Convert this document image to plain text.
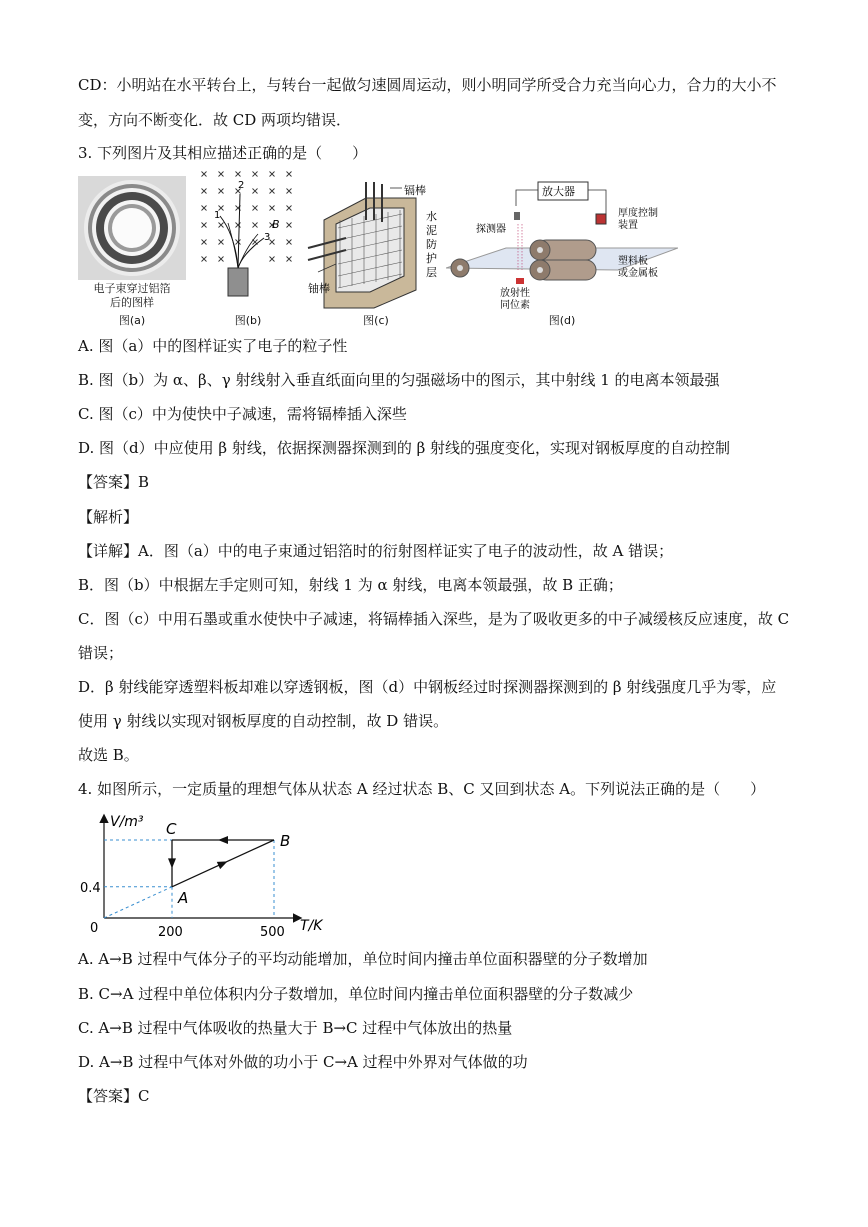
CD：小明站在水平转台上，与转台一起做匀速圆周运动，则小明同学所受合力充当向心力，合力的大小不
变，方向不断变化．故 CD 两项均错误．
3. 下列图片及其相应描述正确的是（　　）
电子束穿过铝箔
后的图样
图(a)
1
2
3
B
图(b)
镉棒
铀棒
水
泥
防
护
层
图(c)
放大器
探测器
厚度控制
装置
放射性
同位素
塑料板
或金属板
图(d)
A. 图（a）中的图样证实了电子的粒子性
B. 图（b）为 α、β、γ 射线射入垂直纸面向里的匀强磁场中的图示，其中射线 1 的电离本领最强
C. 图（c）中为使快中子减速，需将镉棒插入深些
D. 图（d）中应使用 β 射线，依据探测器探测到的 β 射线的强度变化，实现对钢板厚度的自动控制
【答案】B
【解析】
【详解】A．图（a）中的电子束通过铝箔时的衍射图样证实了电子的波动性，故 A 错误；
B．图（b）中根据左手定则可知，射线 1 为 α 射线，电离本领最强，故 B 正确；
C．图（c）中用石墨或重水使快中子减速，将镉棒插入深些，是为了吸收更多的中子减缓核反应速度，故 C
错误；
D．β 射线能穿透塑料板却难以穿透钢板，图（d）中钢板经过时探测器探测到的 β 射线强度几乎为零，应
使用 γ 射线以实现对钢板厚度的自动控制，故 D 错误。
故选 B。
4. 如图所示，一定质量的理想气体从状态 A 经过状态 B、C 又回到状态 A。下列说法正确的是（　　）
V/m³
T/K
0	200	500
0.4
A
B
C
A. A→B 过程中气体分子的平均动能增加，单位时间内撞击单位面积器壁的分子数增加
B. C→A 过程中单位体积内分子数增加，单位时间内撞击单位面积器壁的分子数减少
C. A→B 过程中气体吸收的热量大于 B→C 过程中气体放出的热量
D. A→B 过程中气体对外做的功小于 C→A 过程中外界对气体做的功
【答案】C
